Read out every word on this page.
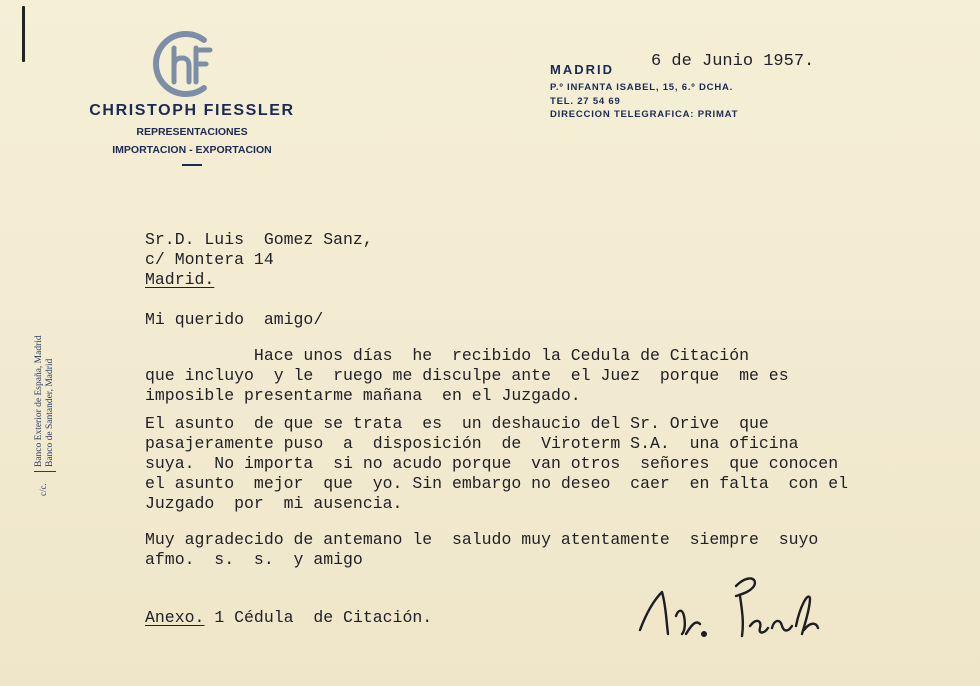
CHRISTOPH FIESSLER
REPRESENTACIONES
IMPORTACION - EXPORTACION
MADRID 6 de Junio 1957.
P.º INFANTA ISABEL, 15, 6.º DCHA.
TEL. 27 54 69
DIRECCION TELEGRAFICA: PRIMAT
c/c.
Banco Exterior de España, Madrid Banco de Santander, Madrid
Sr.D. Luis  Gomez Sanz,
c/ Montera 14
Madrid.
Mi querido  amigo/
Hace unos días  he  recibido la Cedula de Citación
que incluyo  y le  ruego me disculpe ante  el Juez  porque  me es
imposible presentarme mañana  en el Juzgado.
El asunto  de que se trata  es  un deshaucio del Sr. Orive  que
pasajeramente puso  a  disposición  de  Viroterm S.A.  una oficina
suya.  No importa  si no acudo porque  van otros  señores  que conocen
el asunto  mejor  que  yo. Sin embargo no deseo  caer  en falta  con el
Juzgado  por  mi ausencia.
Muy agradecido de antemano le  saludo muy atentamente  siempre  suyo
afmo.  s.  s.  y amigo
Anexo. 1 Cédula  de Citación.
